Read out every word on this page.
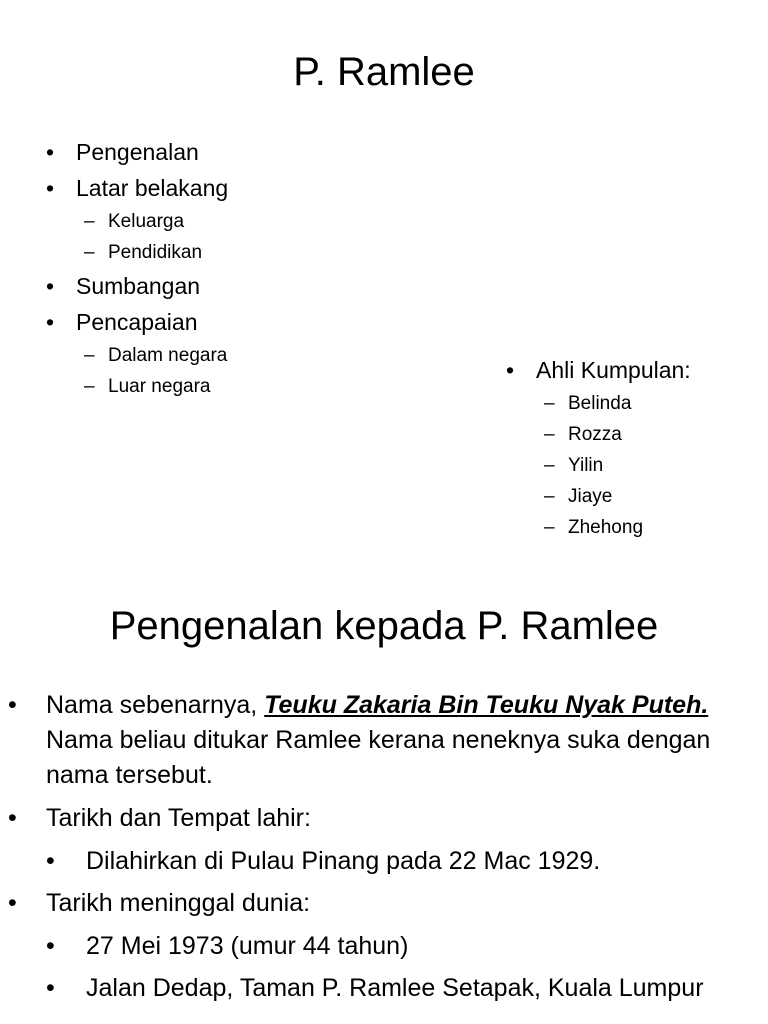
P. Ramlee
• Pengenalan
• Latar belakang
– Keluarga
– Pendidikan
• Sumbangan
• Pencapaian
– Dalam negara
– Luar negara
• Ahli Kumpulan:
– Belinda
– Rozza
– Yilin
– Jiaye
– Zhehong
Pengenalan kepada P. Ramlee
• Nama sebenarnya, Teuku Zakaria Bin Teuku Nyak Puteh. Nama beliau ditukar Ramlee kerana neneknya suka dengan nama tersebut.
• Tarikh dan Tempat lahir:
• Dilahirkan di Pulau Pinang pada 22 Mac 1929.
• Tarikh meninggal dunia:
• 27 Mei 1973 (umur 44 tahun)
• Jalan Dedap, Taman P. Ramlee Setapak, Kuala Lumpur
